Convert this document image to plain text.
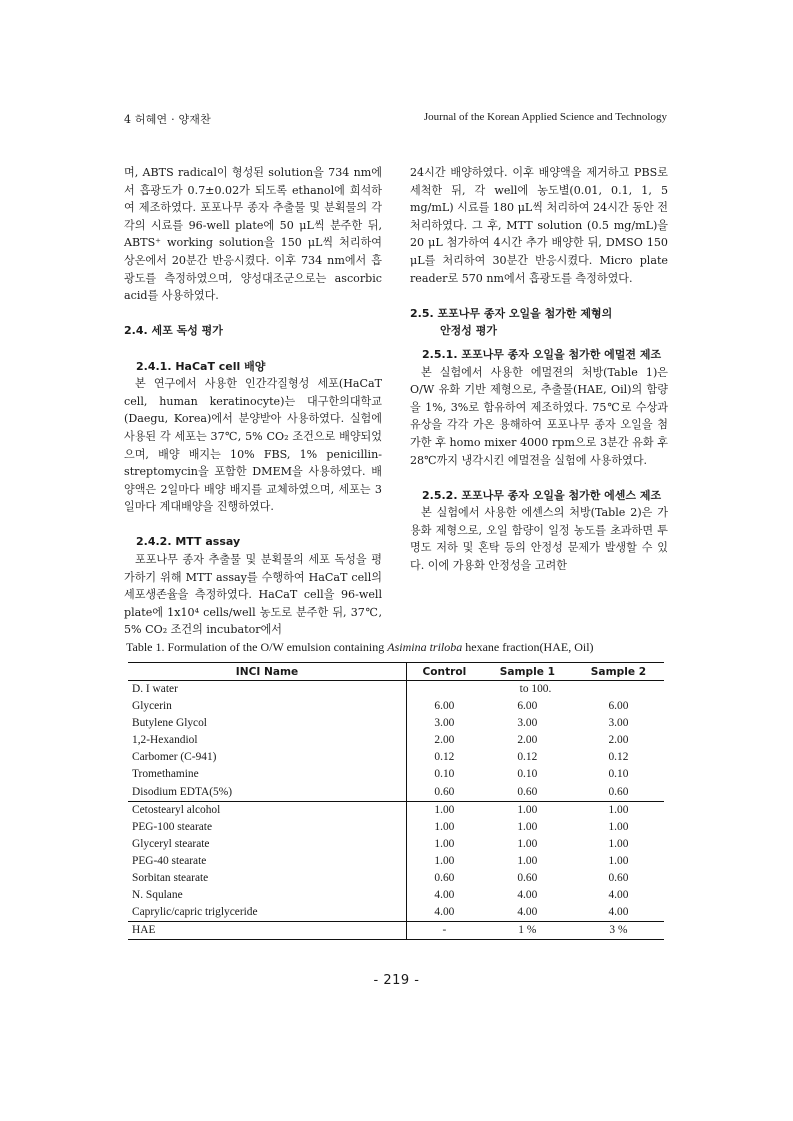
4 허혜연 · 양재찬	Journal of the Korean Applied Science and Technology

며, ABTS radical이 형성된 solution을 734 nm에서 흡광도가 0.7±0.02가 되도록 ethanol에 희석하여 제조하였다. 포포나무 종자 추출물 및 분획물의 각각의 시료를 96-well plate에 50 μL씩 분주한 뒤, ABTS⁺ working solution을 150 μL씩 처리하여 상온에서 20분간 반응시켰다. 이후 734 nm에서 흡광도를 측정하였으며, 양성대조군으로는 ascorbic acid를 사용하였다.

2.4. 세포 독성 평가

2.4.1. HaCaT cell 배양

본 연구에서 사용한 인간각질형성 세포(HaCaT cell, human keratinocyte)는 대구한의대학교(Daegu, Korea)에서 분양받아 사용하였다. 실험에 사용된 각 세포는 37℃, 5% CO₂ 조건으로 배양되었으며, 배양 배지는 10% FBS, 1% penicillin-streptomycin을 포함한 DMEM을 사용하였다. 배양액은 2일마다 배양 배지를 교체하였으며, 세포는 3일마다 계대배양을 진행하였다.

2.4.2. MTT assay

포포나무 종자 추출물 및 분획물의 세포 독성을 평가하기 위해 MTT assay를 수행하여 HaCaT cell의 세포생존율을 측정하였다. HaCaT cell을 96-well plate에 1x10⁴ cells/well 농도로 분주한 뒤, 37℃, 5% CO₂ 조건의 incubator에서

24시간 배양하였다. 이후 배양액을 제거하고 PBS로 세척한 뒤, 각 well에 농도별(0.01, 0.1, 1, 5 mg/mL) 시료를 180 μL씩 처리하여 24시간 동안 전처리하였다. 그 후, MTT solution (0.5 mg/mL)을 20 μL 첨가하여 4시간 추가 배양한 뒤, DMSO 150 μL를 처리하여 30분간 반응시켰다. Micro plate reader로 570 nm에서 흡광도를 측정하였다.

2.5. 포포나무 종자 오일을 첨가한 제형의

안정성 평가

2.5.1. 포포나무 종자 오일을 첨가한 에멀젼 제조

본 실험에서 사용한 에멀젼의 처방(Table 1)은 O/W 유화 기반 제형으로, 추출물(HAE, Oil)의 함량을 1%, 3%로 함유하여 제조하였다. 75℃로 수상과 유상을 각각 가온 용해하여 포포나무 종자 오일을 첨가한 후 homo mixer 4000 rpm으로 3분간 유화 후 28℃까지 냉각시킨 에멀젼을 실험에 사용하였다.

2.5.2. 포포나무 종자 오일을 첨가한 에센스 제조

본 실험에서 사용한 에센스의 처방(Table 2)은 가용화 제형으로, 오일 함량이 일정 농도를 초과하면 투명도 저하 및 혼탁 등의 안정성 문제가 발생할 수 있다. 이에 가용화 안정성을 고려한

Table 1. Formulation of the O/W emulsion containing Asimina triloba hexane fraction(HAE, Oil)
INCI Name	Control	Sample 1	Sample 2
D. I water	to 100.		
Glycerin	6.00	6.00	6.00
Butylene Glycol	3.00	3.00	3.00
1,2-Hexandiol	2.00	2.00	2.00
Carbomer (C-941)	0.12	0.12	0.12
Tromethamine	0.10	0.10	0.10
Disodium EDTA(5%)	0.60	0.60	0.60
Cetostearyl alcohol	1.00	1.00	1.00
PEG-100 stearate	1.00	1.00	1.00
Glyceryl stearate	1.00	1.00	1.00
PEG-40 stearate	1.00	1.00	1.00
Sorbitan stearate	0.60	0.60	0.60
N. Squlane	4.00	4.00	4.00
Caprylic/capric triglyceride	4.00	4.00	4.00
HAE	-	1 %	3 %
- 219 -
